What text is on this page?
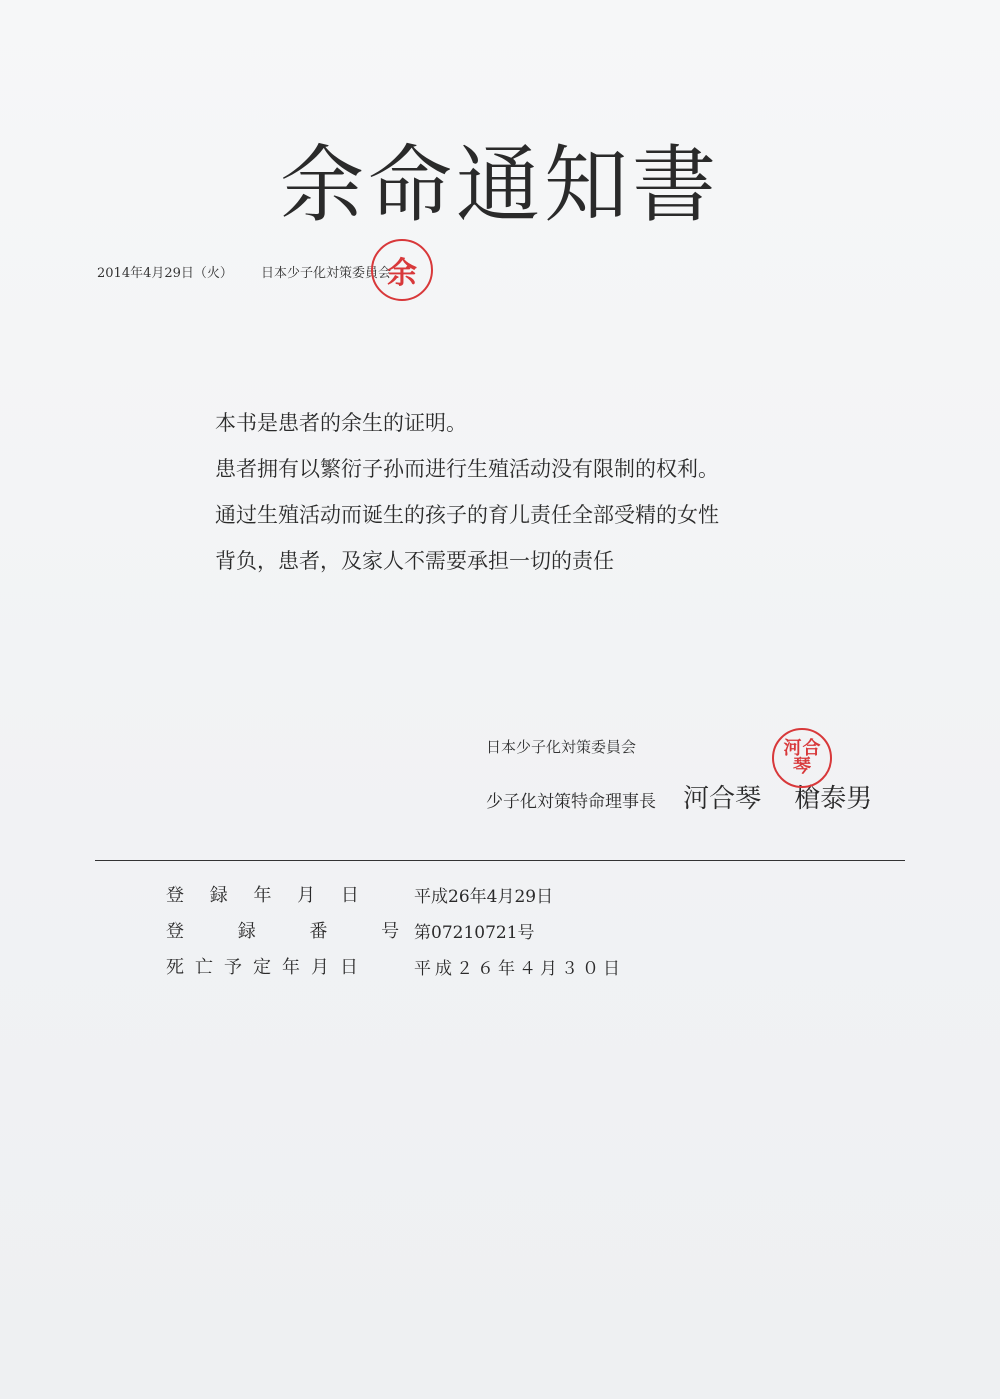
余命通知書
2014年4月29日（火） 日本少子化対策委員会
余
本书是患者的余生的证明。
患者拥有以繁衍子孙而进行生殖活动没有限制的权利。
通过生殖活动而诞生的孩子的育儿责任全部受精的女性
背负，患者，及家人不需要承担一切的责任
日本少子化対策委員会
少子化対策特命理事長 河合琴 槍泰男
河 合
琴
登 録 年 月 日	平成26年4月29日
登 録 番 号
第07210721号
死亡予定年月日	平成２６年４月３０日
